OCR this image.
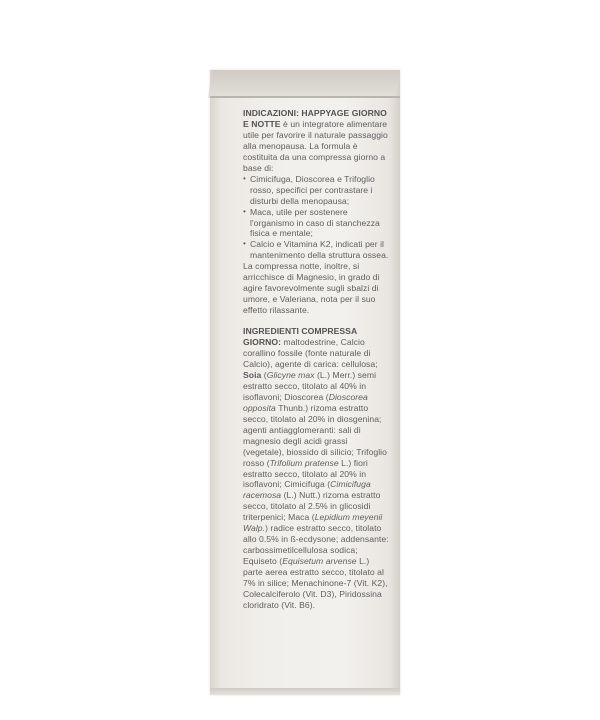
INDICAZIONI: HAPPYAGE GIORNO E NOTTE è un integratore alimentare utile per favorire il naturale passaggio alla menopausa. La formula è costituita da una compressa giorno a base di:

• Cimicifuga, Dioscorea e Trifoglio rosso, specifici per contrastare i disturbi della menopausa;
• Maca, utile per sostenere l'organismo in caso di stanchezza fisica e mentale;
• Calcio e Vitamina K2, indicati per il mantenimento della struttura ossea.

La compressa notte, inoltre, si arricchisce di Magnesio, in grado di agire favorevolmente sugli sbalzi di umore, e Valeriana, nota per il suo effetto rilassante.

INGREDIENTI COMPRESSA GIORNO: maltodestrine, Calcio corallino fossile (fonte naturale di Calcio), agente di carica: cellulosa; Soia (Glicyne max (L.) Merr.) semi estratto secco, titolato al 40% in isoflavoni; Dioscorea (Dioscorea opposita Thunb.) rizoma estratto secco, titolato al 20% in diosgenina; agenti antiagglomeranti: sali di magnesio degli acidi grassi (vegetale), biossido di silicio; Trifoglio rosso (Trifolium pratense L.) fiori estratto secco, titolato al 20% in isoflavoni; Cimicifuga (Cimicifuga racemosa (L.) Nutt.) rizoma estratto secco, titolato al 2.5% in glicosidi triterpenici; Maca (Lepidium meyenii Walp.) radice estratto secco, titolato allo 0.5% in ß-ecdysone; addensante: carbossimetilcellulosa sodica; Equiseto (Equisetum arvense L.) parte aerea estratto secco, titolato al 7% in silice; Menachinone-7 (Vit. K2), Colecalciferolo (Vit. D3), Piridossina cloridrato (Vit. B6).
